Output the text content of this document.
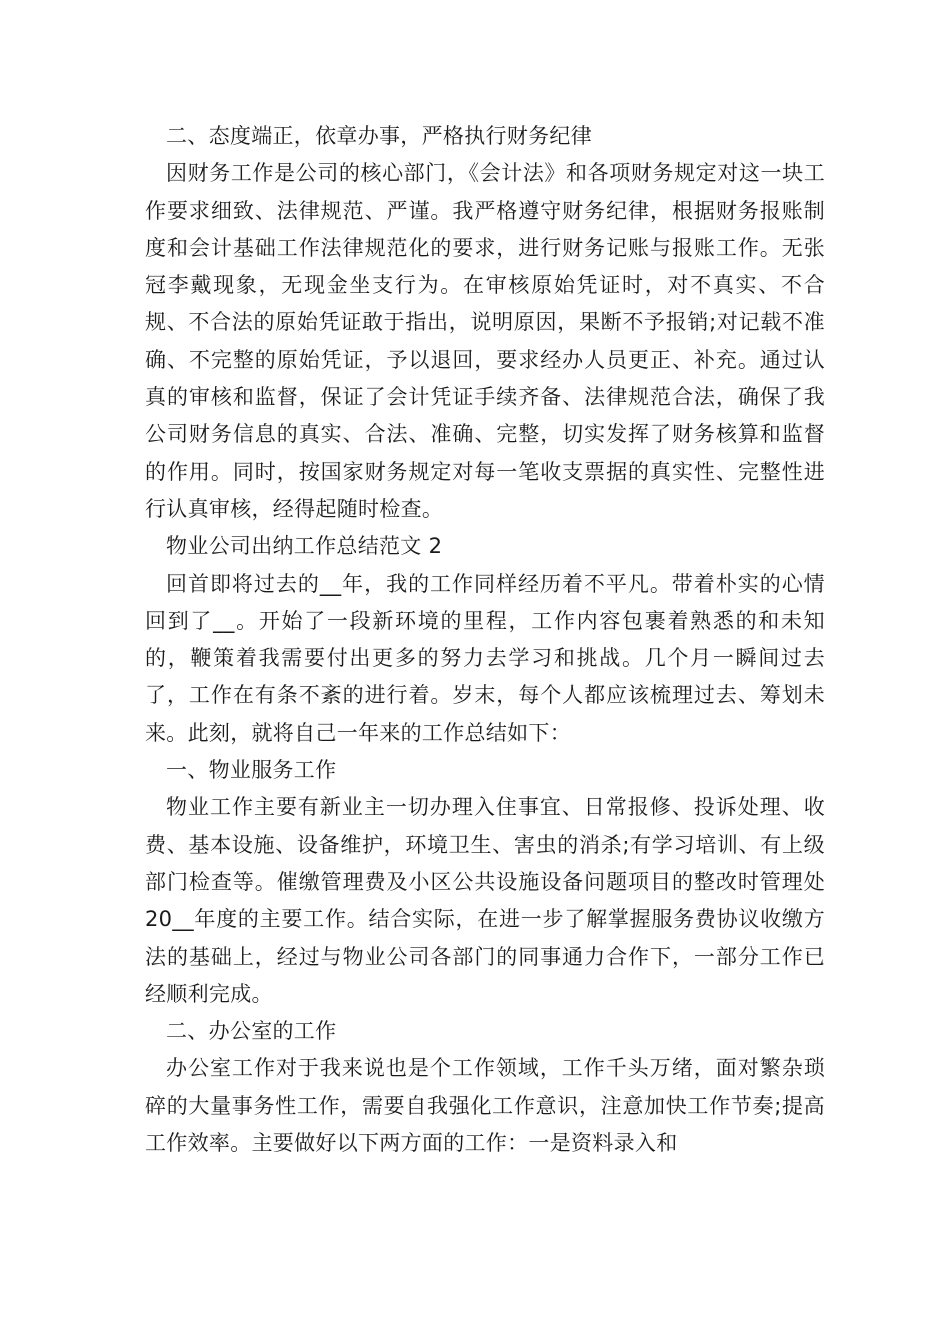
二、态度端正，依章办事，严格执行财务纪律

因财务工作是公司的核心部门，《会计法》和各项财务规定对这一块工作要求细致、法律规范、严谨。我严格遵守财务纪律，根据财务报账制度和会计基础工作法律规范化的要求，进行财务记账与报账工作。无张冠李戴现象，无现金坐支行为。在审核原始凭证时，对不真实、不合规、不合法的原始凭证敢于指出，说明原因，果断不予报销;对记载不准确、不完整的原始凭证，予以退回，要求经办人员更正、补充。通过认真的审核和监督，保证了会计凭证手续齐备、法律规范合法，确保了我公司财务信息的真实、合法、准确、完整，切实发挥了财务核算和监督的作用。同时，按国家财务规定对每一笔收支票据的真实性、完整性进行认真审核，经得起随时检查。

物业公司出纳工作总结范文 2

回首即将过去的__年，我的工作同样经历着不平凡。带着朴实的心情回到了__。开始了一段新环境的里程，工作内容包裹着熟悉的和未知的，鞭策着我需要付出更多的努力去学习和挑战。几个月一瞬间过去了，工作在有条不紊的进行着。岁末，每个人都应该梳理过去、筹划未来。此刻，就将自己一年来的工作总结如下：

一、物业服务工作

物业工作主要有新业主一切办理入住事宜、日常报修、投诉处理、收费、基本设施、设备维护，环境卫生、害虫的消杀;有学习培训、有上级部门检查等。催缴管理费及小区公共设施设备问题项目的整改时管理处 20__年度的主要工作。结合实际，在进一步了解掌握服务费协议收缴方法的基础上，经过与物业公司各部门的同事通力合作下，一部分工作已经顺利完成。

二、办公室的工作

办公室工作对于我来说也是个工作领域，工作千头万绪，面对繁杂琐碎的大量事务性工作，需要自我强化工作意识，注意加快工作节奏;提高工作效率。主要做好以下两方面的工作：一是资料录入和
